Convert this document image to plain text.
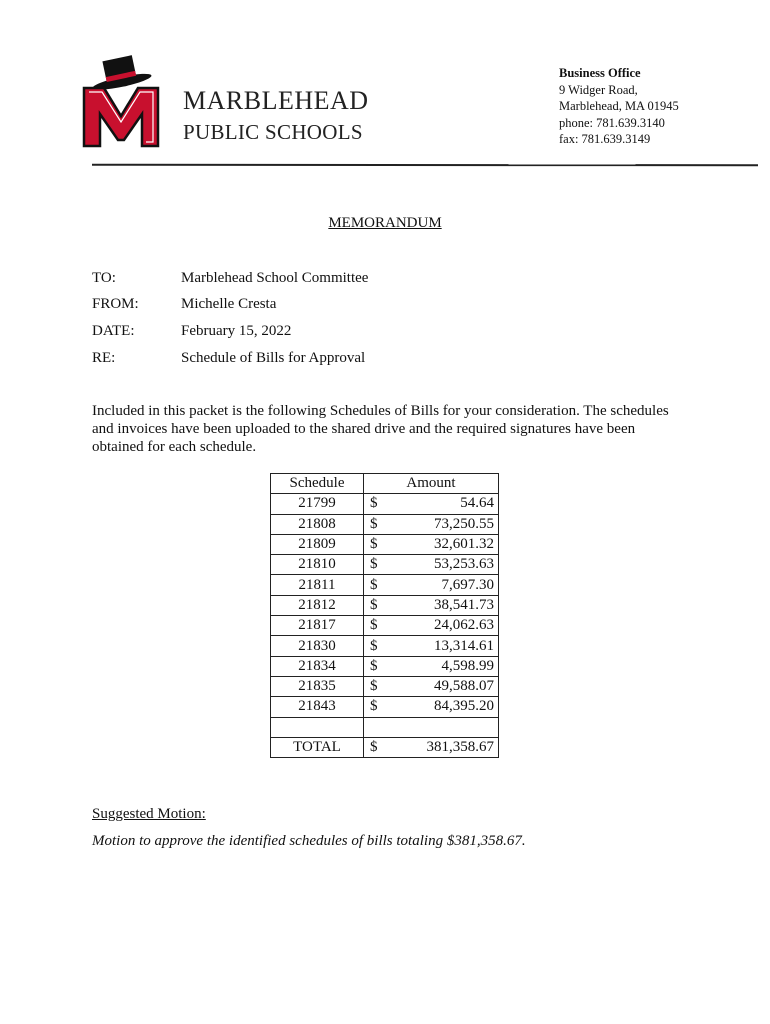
MARBLEHEAD
PUBLIC SCHOOLS
Business Office
9 Widger Road,
Marblehead, MA 01945
phone: 781.639.3140
fax: 781.639.3149
MEMORANDUM
TO:	Marblehead School Committee
FROM:	Michelle Cresta
DATE:	February 15, 2022
RE:	Schedule of Bills for Approval
Included in this packet is the following Schedules of Bills for your consideration. The schedules
and invoices have been uploaded to the shared drive and the required signatures have been
obtained for each schedule.
Schedule	Amount	
21799	$	54.64
21808	$	73,250.55
21809	$	32,601.32
21810	$	53,253.63
21811	$	7,697.30
21812	$	38,541.73
21817	$	24,062.63
21830	$	13,314.61
21834	$	4,598.99
21835	$	49,588.07
21843	$	84,395.20

TOTAL	$	381,358.67
Suggested Motion:
Motion to approve the identified schedules of bills totaling $381,358.67.
